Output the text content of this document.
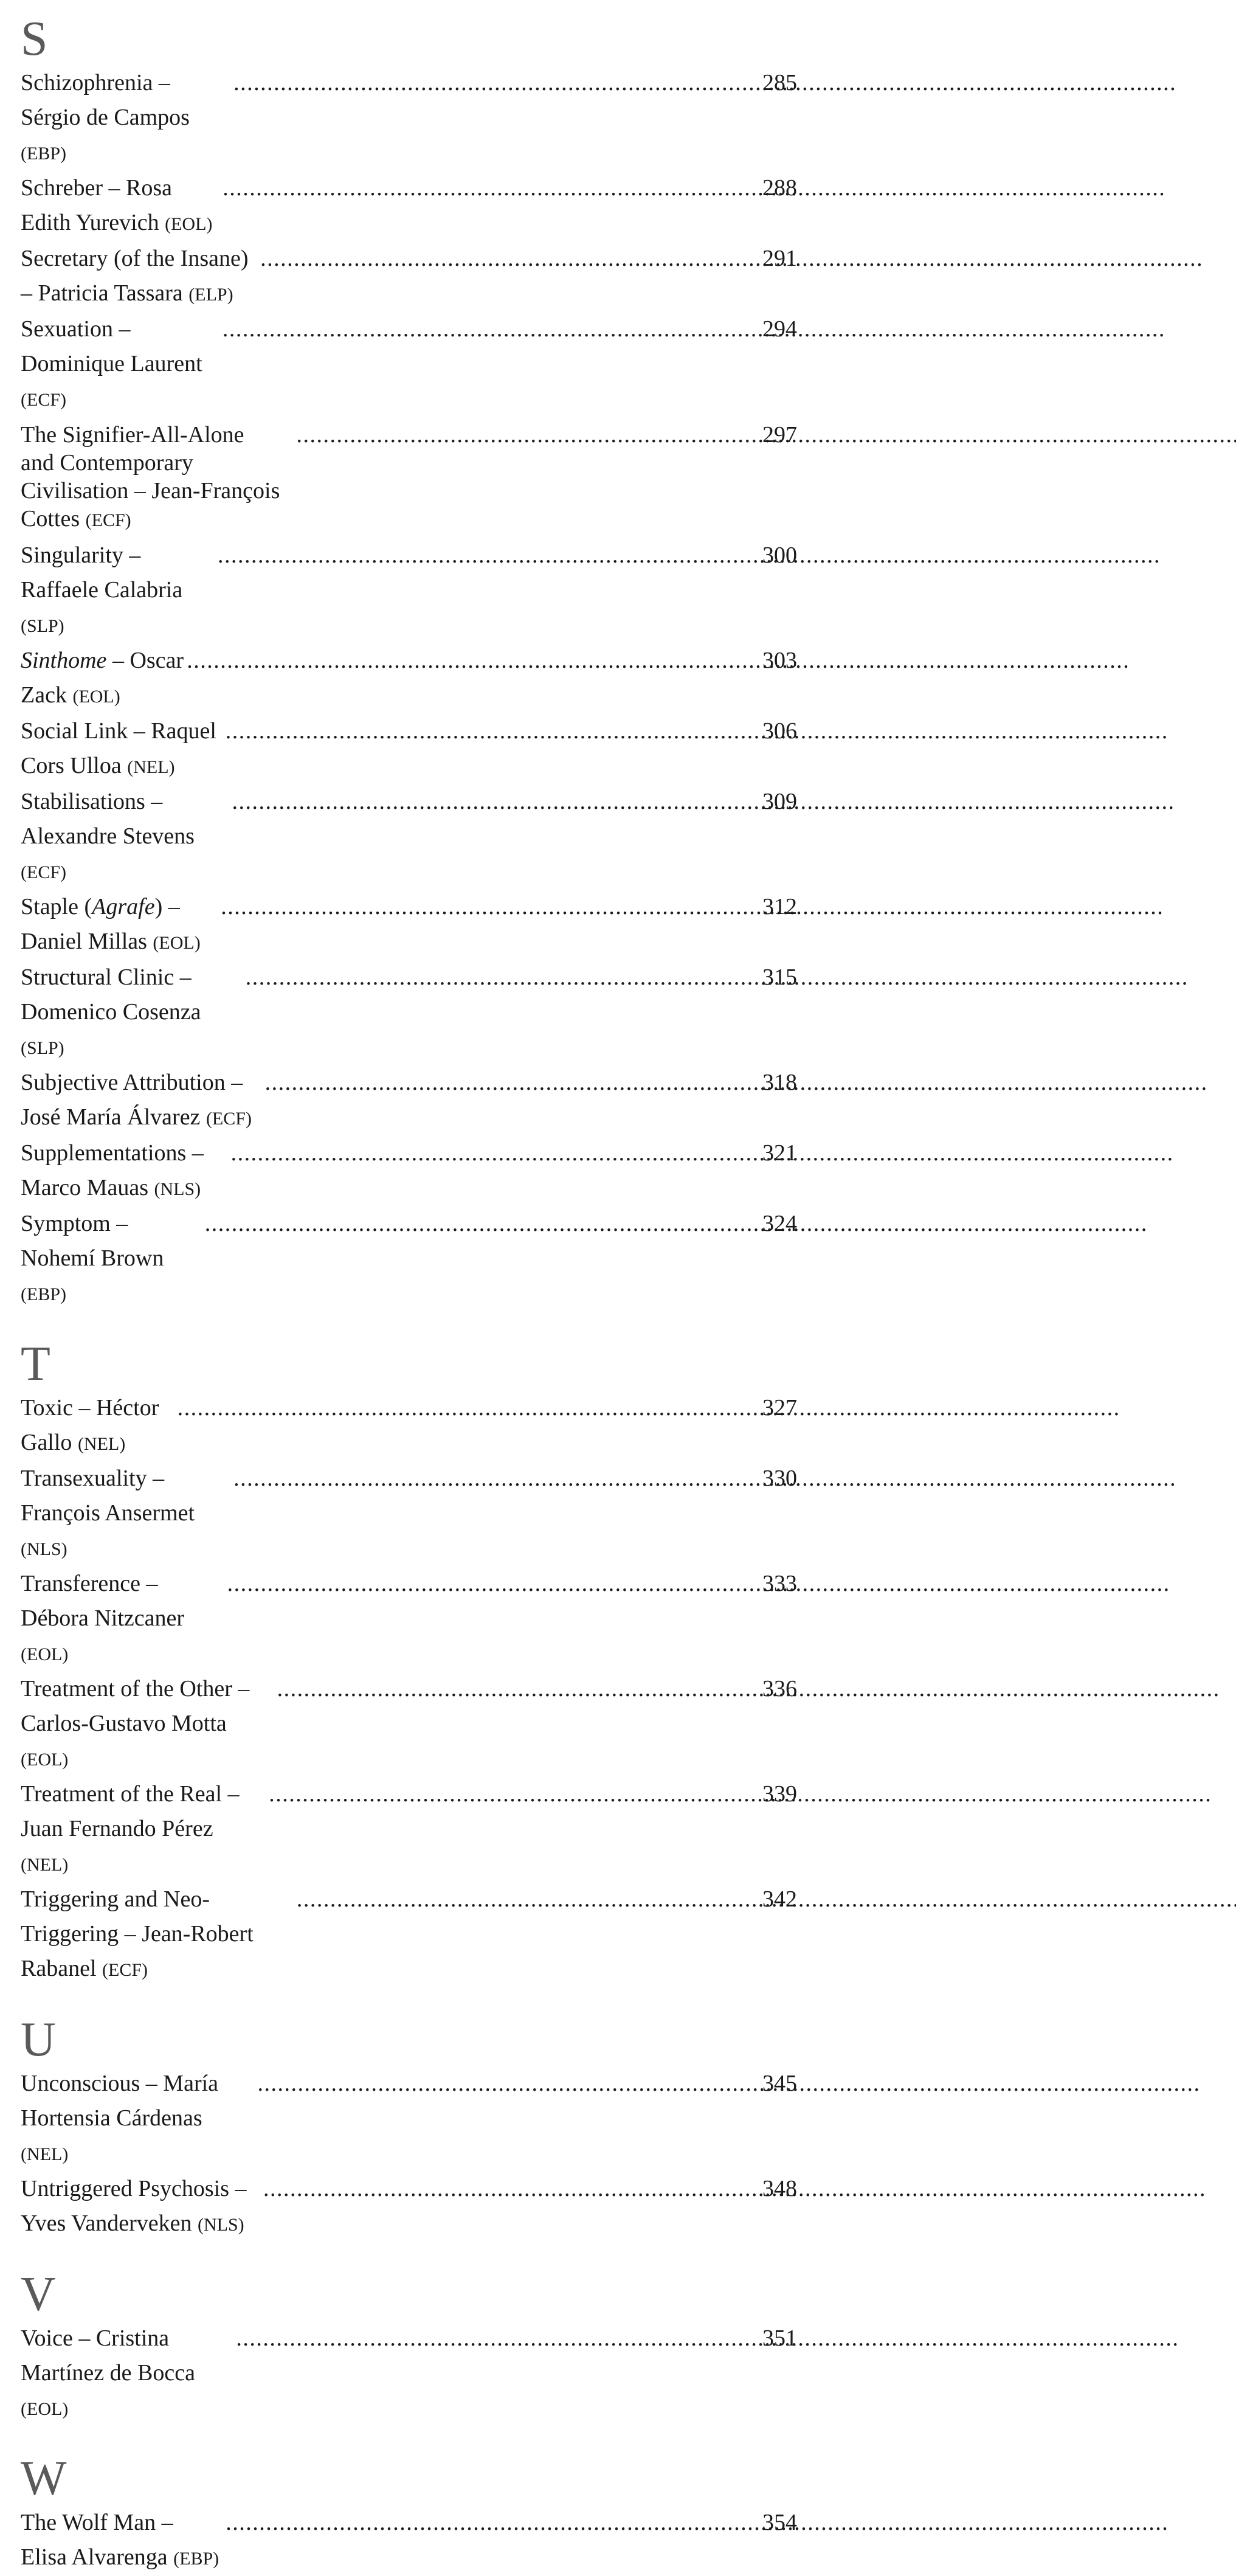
S
Schizophrenia – Sérgio de Campos (EBP)
. . .
285
Schreber – Rosa Edith Yurevich (EOL)
. . .
288
Secretary (of the Insane) – Patricia Tassara (ELP)
. . .
291
Sexuation – Dominique Laurent (ECF)
. . .
294
The Signifier-All-Alone
and Contemporary Civilisation – Jean-François Cottes (ECF)
. . .
297
Singularity – Raffaele Calabria (SLP)
. . .
300
Sinthome – Oscar Zack (EOL)
. . .
303
Social Link – Raquel Cors Ulloa (NEL)
. . .
306
Stabilisations – Alexandre Stevens (ECF)
. . .
309
Staple (Agrafe) – Daniel Millas (EOL)
. . .
312
Structural Clinic – Domenico Cosenza (SLP)
. . .
315
Subjective Attribution – José María Álvarez (ECF)
. . .
318
Supplementations – Marco Mauas (NLS)
. . .
321
Symptom – Nohemí Brown (EBP)
. . .
324
T
Toxic – Héctor Gallo (NEL)
. . .
327
Transexuality – François Ansermet (NLS)
. . .
330
Transference – Débora Nitzcaner (EOL)
. . .
333
Treatment of the Other – Carlos-Gustavo Motta (EOL)
. . .
336
Treatment of the Real – Juan Fernando Pérez (NEL)
. . .
339
Triggering and Neo-Triggering – Jean-Robert Rabanel (ECF)
. . .
342
U
Unconscious – María Hortensia Cárdenas (NEL)
. . .
345
Untriggered Psychosis – Yves Vanderveken (NLS)
. . .
348
V
Voice – Cristina Martínez de Bocca (EOL)
. . .
351
W
The Wolf Man – Elisa Alvarenga (EBP)
. . .
354
